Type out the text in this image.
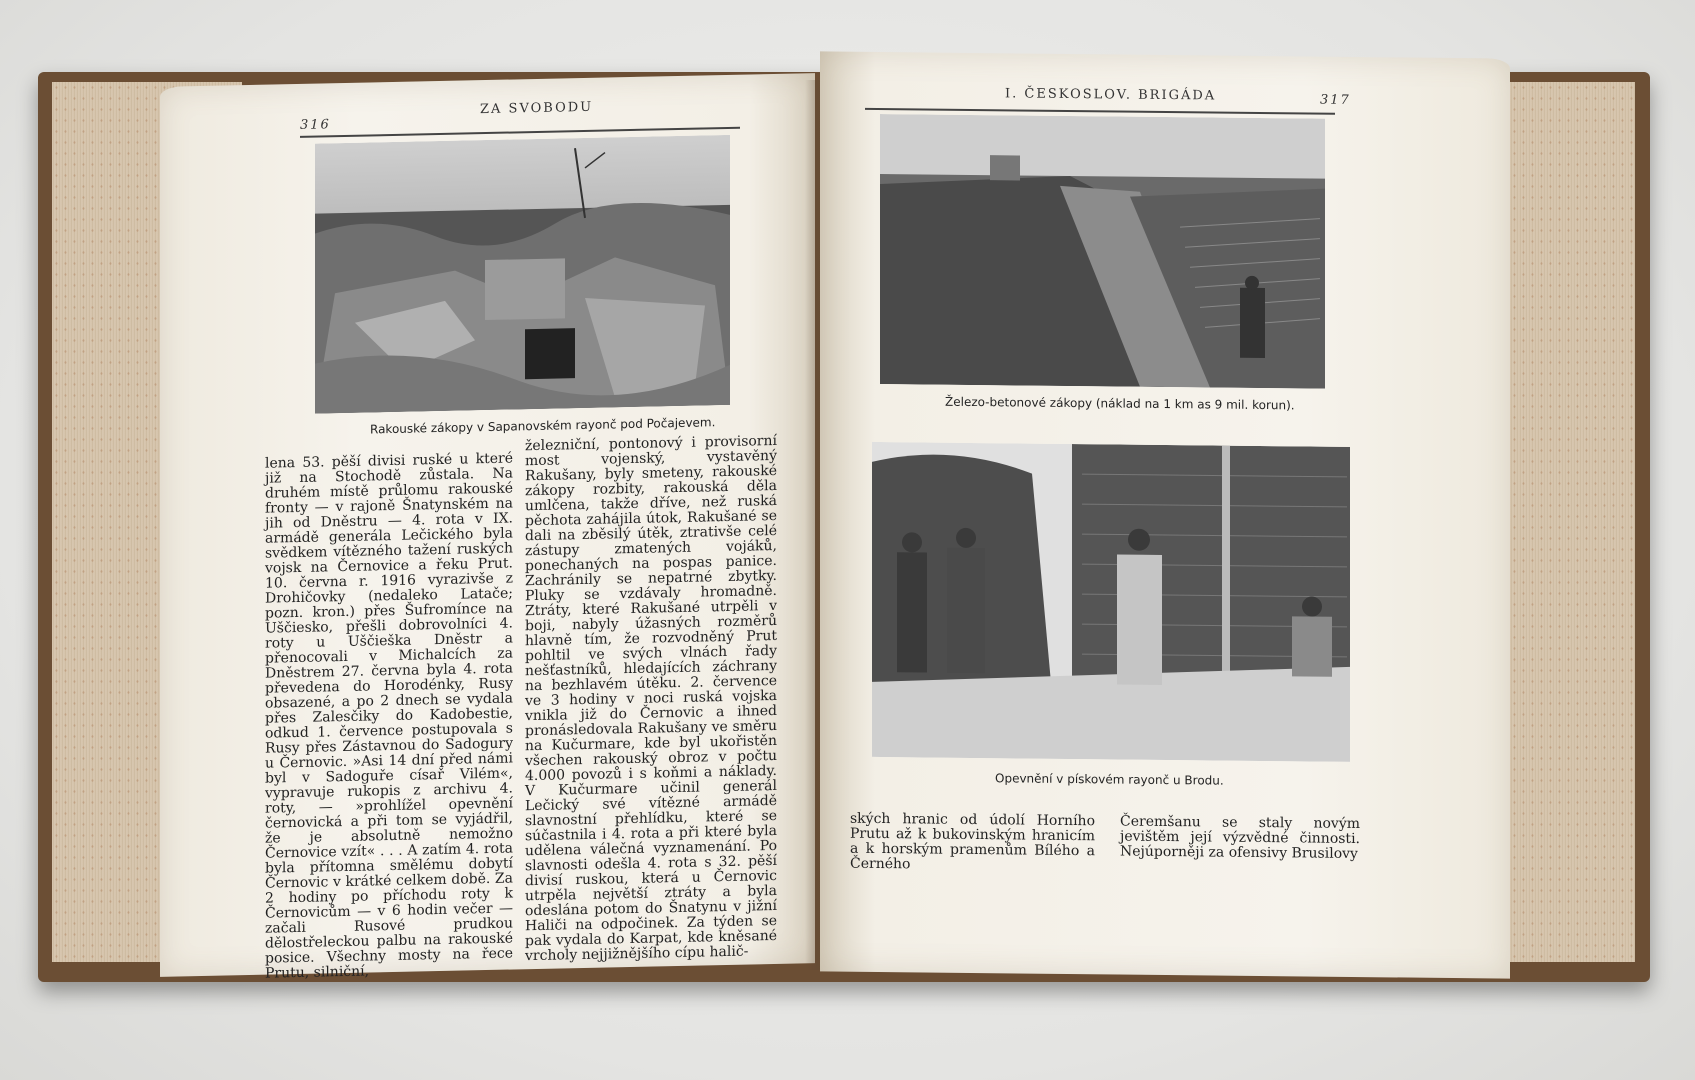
316
ZA SVOBODU
Rakouské zákopy v Sapanovském rayonč pod Počajevem.

lena 53. pěší divisi ruské u které již na Stochodě zůstala. Na druhém místě průlomu rakouské fronty — v rajoně Šnatynském na jih od Dněstru — 4. rota v IX. armádě generála Lečického byla svědkem vítězného tažení ruských vojsk na Černovice a řeku Prut. 10. června r. 1916 vyrazivše z Drohičovky (nedaleko Latače; pozn. kron.) přes Šufromínce na Uščiesko, přešli dobrovolníci 4. roty u Uščieška Dněstr a přenocovali v Michalcích za Dněstrem 27. června byla 4. rota převedena do Horodénky, Rusy obsazené, a po 2 dnech se vydala přes Zalesčiky do Kadobestie, odkud 1. července postupovala s Rusy přes Zástavnou do Sadogury u Černovic. »Asi 14 dní před námi byl v Sadoguře císař Vilém«, vypravuje rukopis z archivu 4. roty, — »prohlížel opevnění černovická a při tom se vyjádřil, že je absolutně nemožno Černovice vzít« . . . A zatím 4. rota byla přítomna smělému dobytí Černovic v krátké celkem době. Za 2 hodiny po příchodu roty k Černovicům — v 6 hodin večer — začali Rusové prudkou dělostřeleckou palbu na rakouské posice. Všechny mosty na řece Prutu, silniční,

železniční, pontonový i provisorní most vojenský, vystavěný Rakušany, byly smeteny, rakouské zákopy rozbity, rakouská děla umlčena, takže dříve, než ruská pěchota zahájila útok, Rakušané se dali na zběsilý útěk, ztrativše celé zástupy zmatených vojáků, ponechaných na pospas panice. Zachránily se nepatrné zbytky. Pluky se vzdávaly hromadně. Ztráty, které Rakušané utrpěli v boji, nabyly úžasných rozměrů hlavně tím, že rozvodněný Prut pohltil ve svých vlnách řady nešťastníků, hledajících záchrany na bezhlavém útěku. 2. července ve 3 hodiny v noci ruská vojska vnikla již do Černovic a ihned pronásledovala Rakušany ve směru na Kučurmare, kde byl ukořistěn všechen rakouský obroz v počtu 4.000 povozů i s koňmi a náklady. V Kučurmare učinil generál Lečický své vítězné armádě slavnostní přehlídku, které se súčastnila i 4. rota a při které byla udělena válečná vyznamenání. Po slavnosti odešla 4. rota s 32. pěší divisí ruskou, která u Černovic utrpěla největší ztráty a byla odeslána potom do Šnatynu v jižní Haliči na odpočinek. Za týden se pak vydala do Karpat, kde kněsané vrcholy nejjižnějšího cípu halič-

I. ČESKOSLOV. BRIGÁDA	317
Železo-betonové zákopy (náklad na 1 km as 9 mil. korun).
Opevnění v pískovém rayonč u Brodu.

ských hranic od údolí Horního Prutu až k bukovinským hranicím a k horským pramenům Bílého a Černého

Čeremšanu se staly novým jevištěm její výzvědné činnosti. Nejúporněji za ofensivy Brusilovy
